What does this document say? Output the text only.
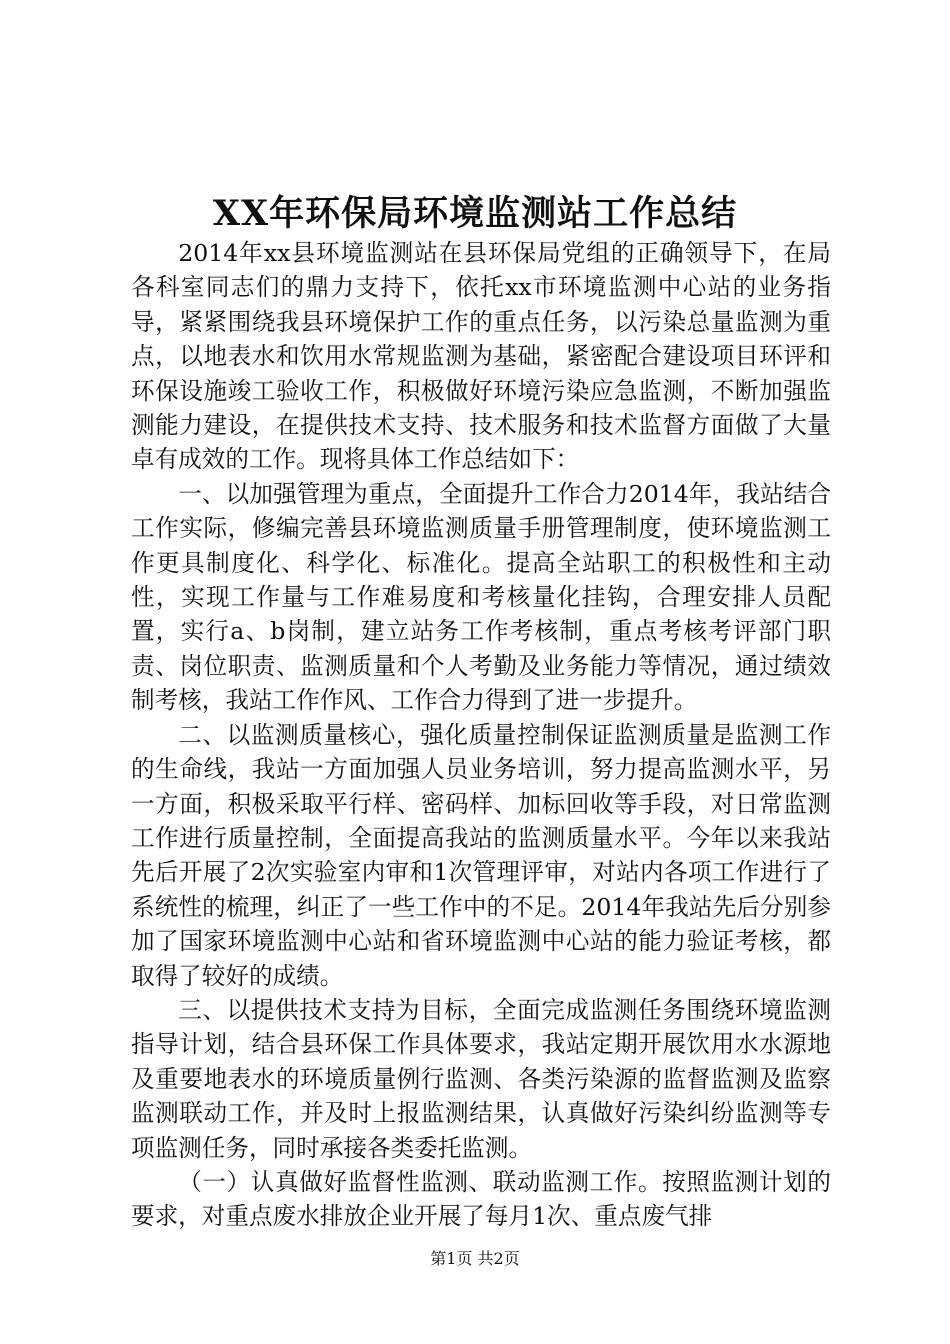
XX年环保局环境监测站工作总结

2014年xx县环境监测站在县环保局党组的正确领导下，在局各科室同志们的鼎力支持下，依托xx市环境监测中心站的业务指导，紧紧围绕我县环境保护工作的重点任务，以污染总量监测为重点，以地表水和饮用水常规监测为基础，紧密配合建设项目环评和环保设施竣工验收工作，积极做好环境污染应急监测，不断加强监测能力建设，在提供技术支持、技术服务和技术监督方面做了大量卓有成效的工作。现将具体工作总结如下：

一、以加强管理为重点，全面提升工作合力2014年，我站结合工作实际，修编完善县环境监测质量手册管理制度，使环境监测工作更具制度化、科学化、标准化。提高全站职工的积极性和主动性，实现工作量与工作难易度和考核量化挂钩，合理安排人员配置，实行a、b岗制，建立站务工作考核制，重点考核考评部门职责、岗位职责、监测质量和个人考勤及业务能力等情况，通过绩效制考核，我站工作作风、工作合力得到了进一步提升。

二、以监测质量核心，强化质量控制保证监测质量是监测工作的生命线，我站一方面加强人员业务培训，努力提高监测水平，另一方面，积极采取平行样、密码样、加标回收等手段，对日常监测工作进行质量控制，全面提高我站的监测质量水平。今年以来我站先后开展了2次实验室内审和1次管理评审，对站内各项工作进行了系统性的梳理，纠正了一些工作中的不足。2014年我站先后分别参加了国家环境监测中心站和省环境监测中心站的能力验证考核，都取得了较好的成绩。

三、以提供技术支持为目标，全面完成监测任务围绕环境监测指导计划，结合县环保工作具体要求，我站定期开展饮用水水源地及重要地表水的环境质量例行监测、各类污染源的监督监测及监察监测联动工作，并及时上报监测结果，认真做好污染纠纷监测等专项监测任务，同时承接各类委托监测。

（一）认真做好监督性监测、联动监测工作。按照监测计划的要求，对重点废水排放企业开展了每月1次、重点废气排

第1页 共2页
